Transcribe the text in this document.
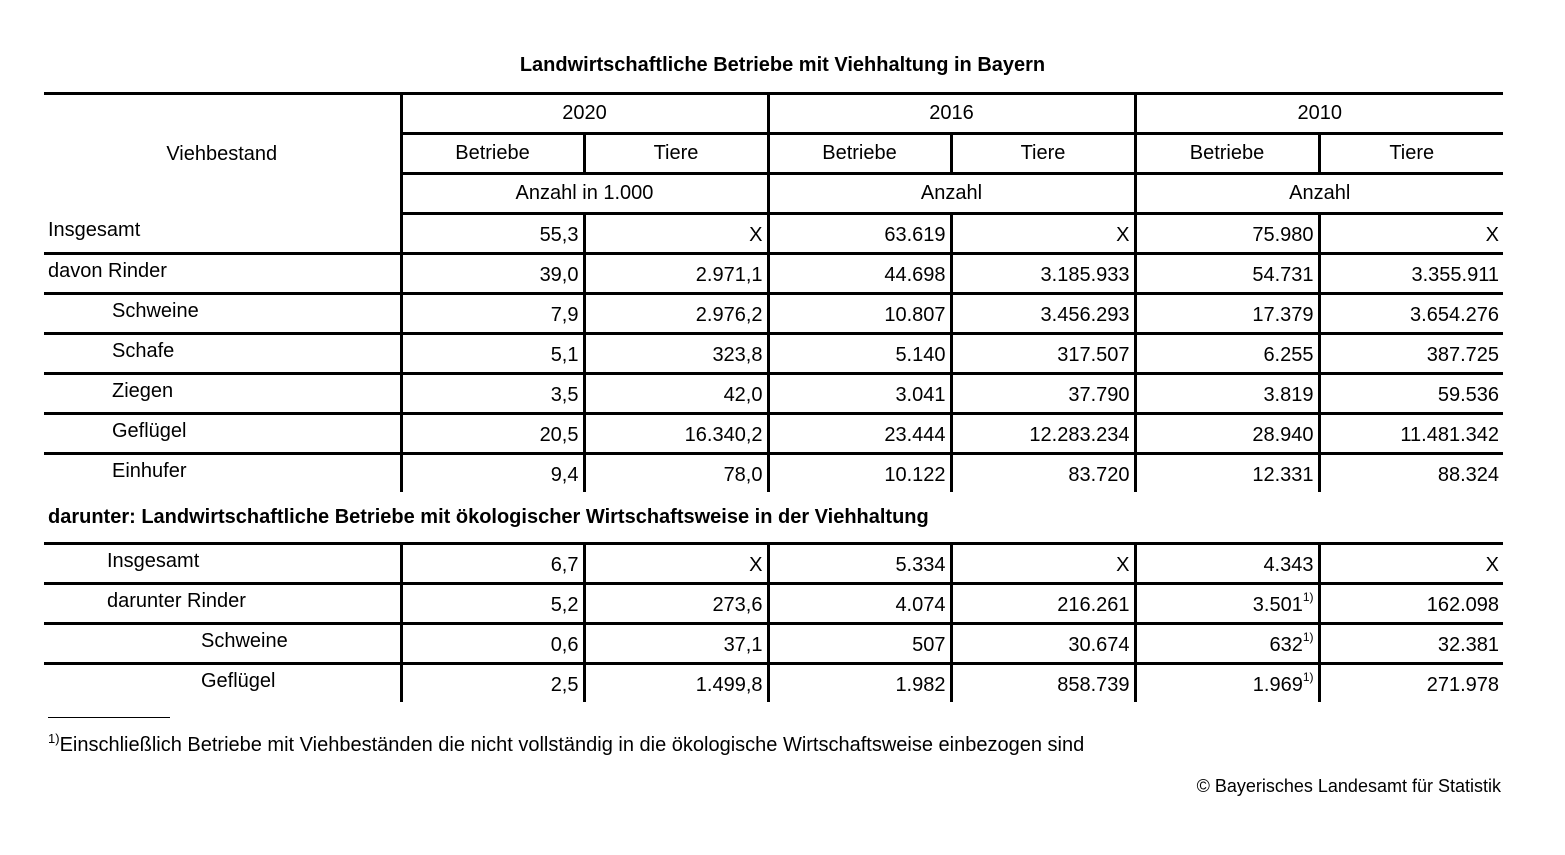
Landwirtschaftliche Betriebe mit Viehhaltung in Bayern
Viehbestand	2020		2016		2010	
	Betriebe	Tiere	Betriebe	Tiere	Betriebe	Tiere
	Anzahl in 1.000		Anzahl		Anzahl	
Insgesamt	55,3	X	63.619	X	75.980	X
davon Rinder	39,0	2.971,1	44.698	3.185.933	54.731	3.355.911
Schweine	7,9	2.976,2	10.807	3.456.293	17.379	3.654.276
Schafe	5,1	323,8	5.140	317.507	6.255	387.725
Ziegen	3,5	42,0	3.041	37.790	3.819	59.536
Geflügel	20,5	16.340,2	23.444	12.283.234	28.940	11.481.342
Einhufer	9,4	78,0	10.122	83.720	12.331	88.324
darunter: Landwirtschaftliche Betriebe mit ökologischer Wirtschaftsweise in der Viehhaltung
Insgesamt	6,7	X	5.334	X	4.343	X
darunter Rinder	5,2	273,6	4.074	216.261	3.501$^{1)}$	162.098
Schweine	0,6	37,1	507	30.674	632$^{1)}$	32.381
Geflügel	2,5	1.499,8	1.982	858.739	1.969$^{1)}$	271.978
$^{1)}$Einschließlich Betriebe mit Viehbeständen die nicht vollständig in die ökologische Wirtschaftsweise einbezogen sind
© Bayerisches Landesamt für Statistik
